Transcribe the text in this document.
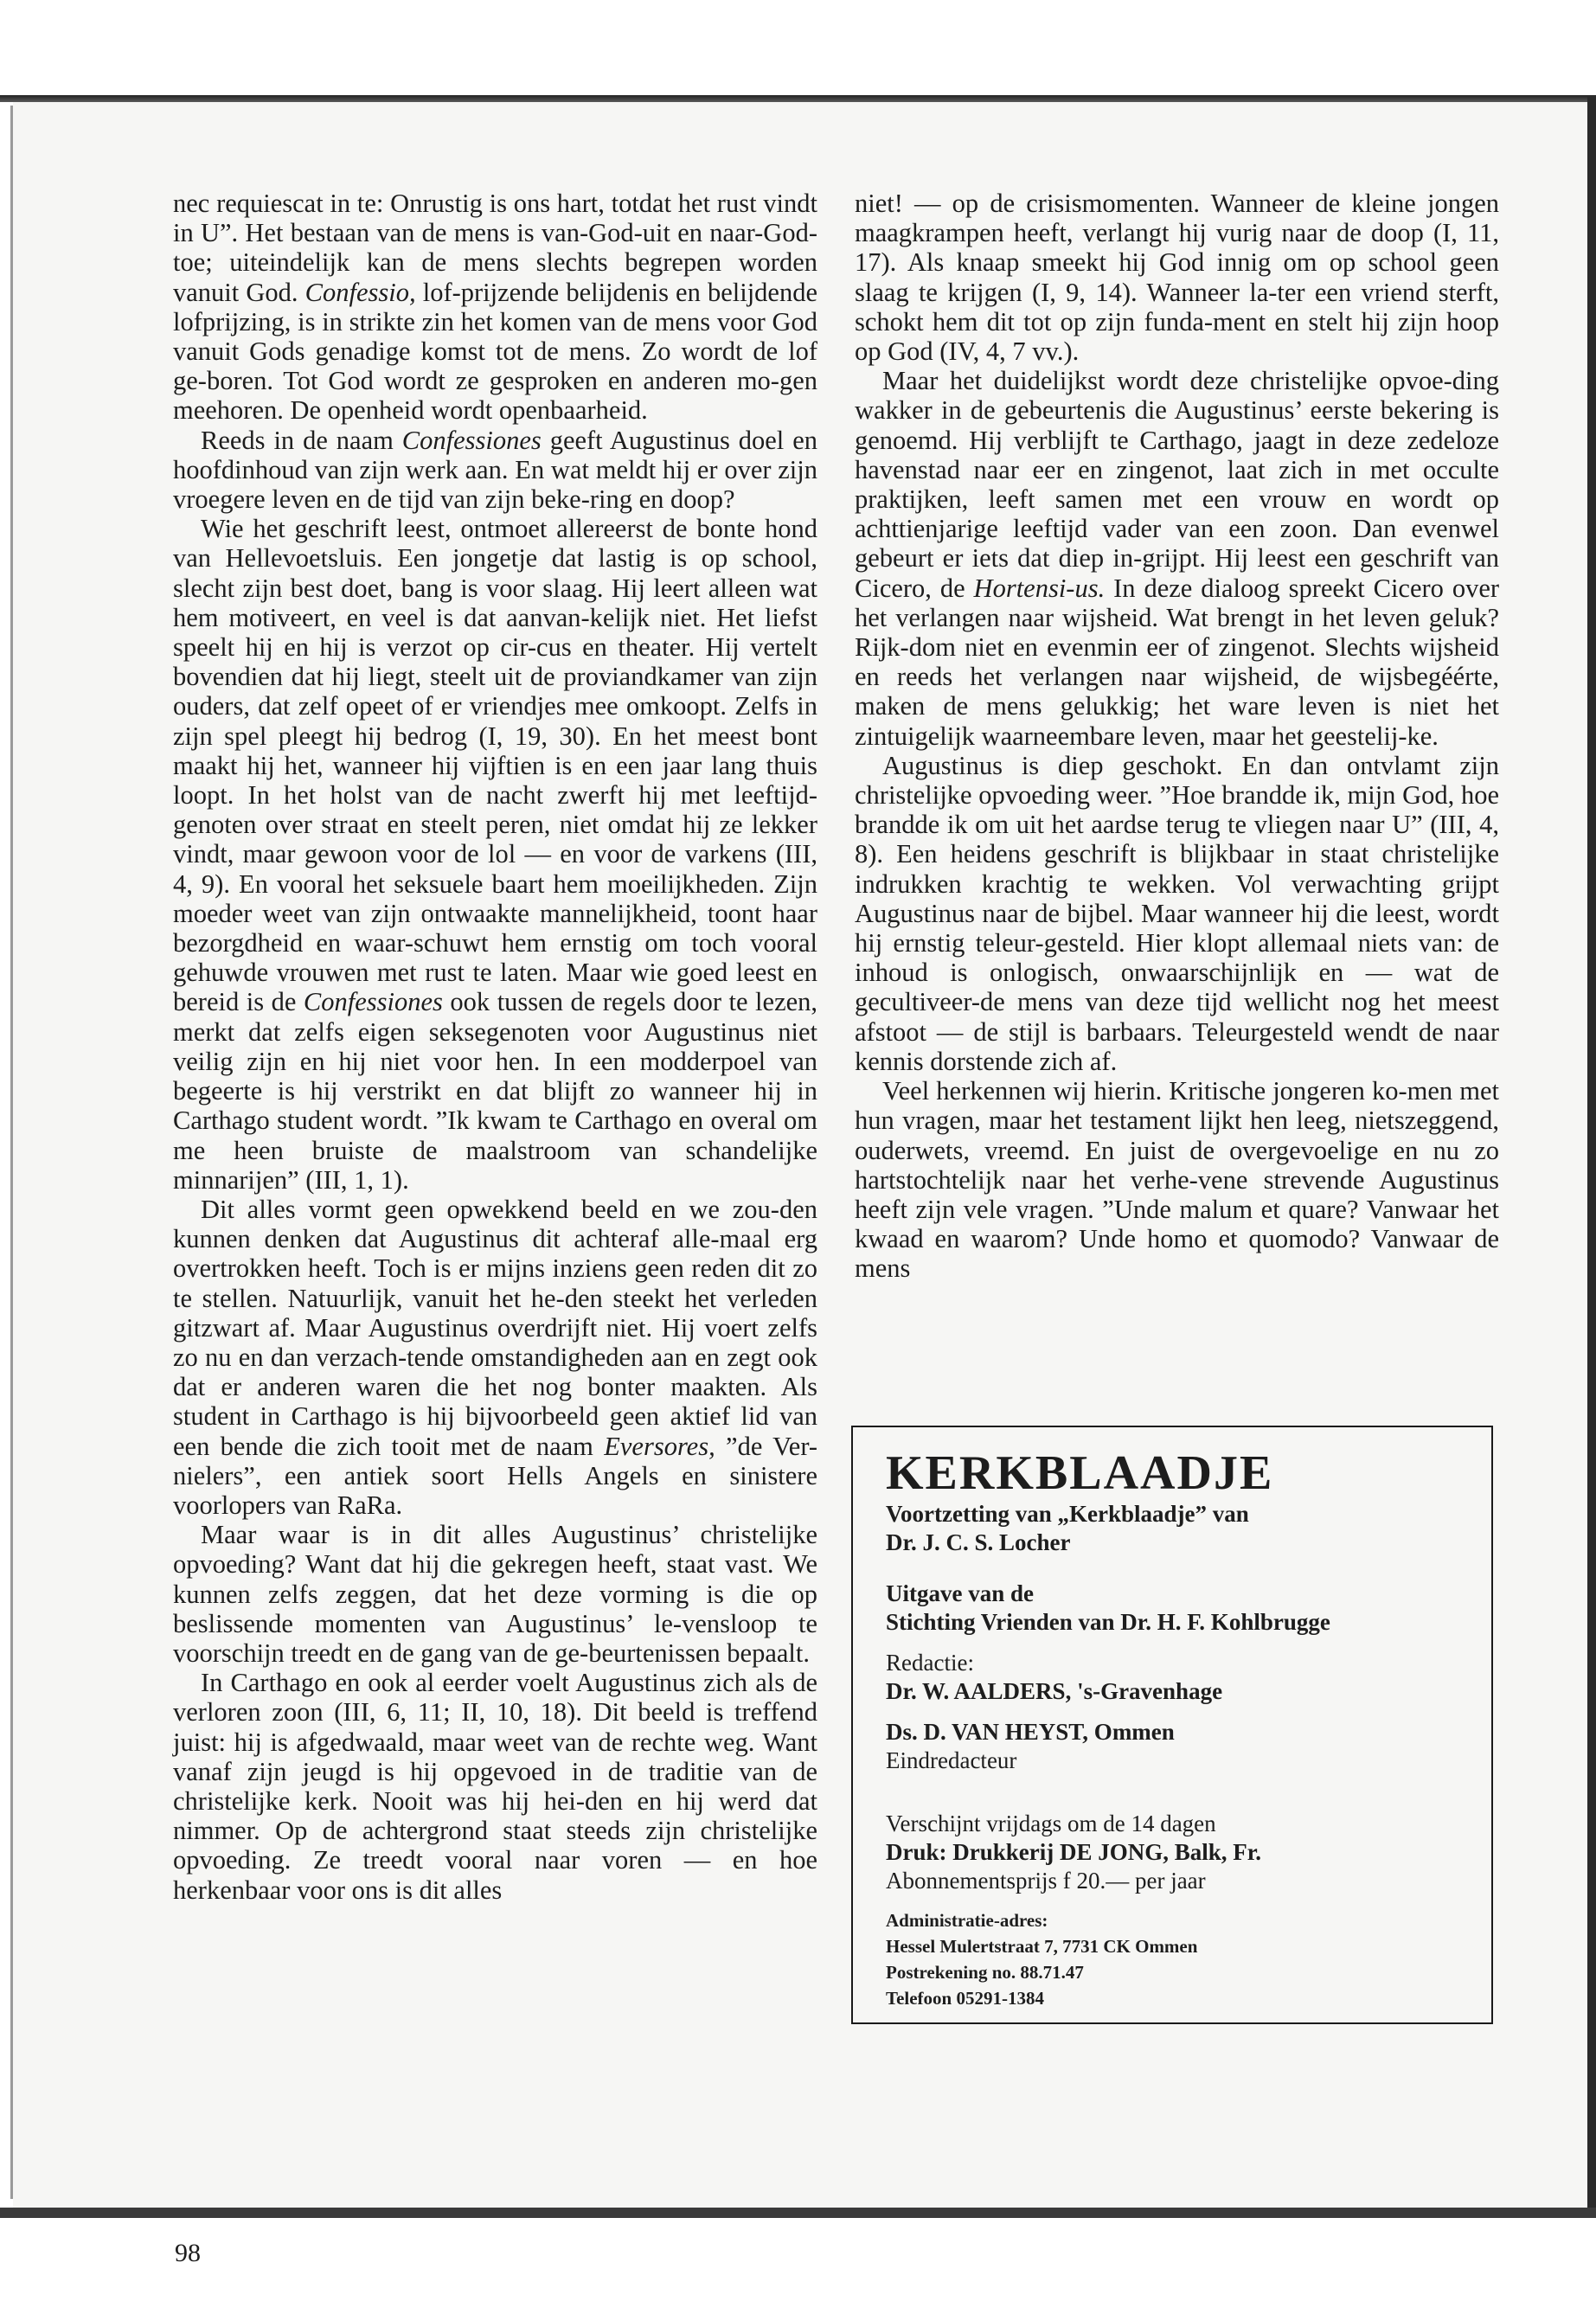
nec requiescat in te: Onrustig is ons hart, totdat het rust vindt in U”. Het bestaan van de mens is van-God-uit en naar-God-toe; uiteindelijk kan de mens slechts begrepen worden vanuit God. Confessio, lof-prijzende belijdenis en belijdende lofprijzing, is in strikte zin het komen van de mens voor God vanuit Gods genadige komst tot de mens. Zo wordt de lof ge-boren. Tot God wordt ze gesproken en anderen mo-gen meehoren. De openheid wordt openbaarheid.

Reeds in de naam Confessiones geeft Augustinus doel en hoofdinhoud van zijn werk aan. En wat meldt hij er over zijn vroegere leven en de tijd van zijn beke-ring en doop?

Wie het geschrift leest, ontmoet allereerst de bonte hond van Hellevoetsluis. Een jongetje dat lastig is op school, slecht zijn best doet, bang is voor slaag. Hij leert alleen wat hem motiveert, en veel is dat aanvan-kelijk niet. Het liefst speelt hij en hij is verzot op cir-cus en theater. Hij vertelt bovendien dat hij liegt, steelt uit de proviandkamer van zijn ouders, dat zelf opeet of er vriendjes mee omkoopt. Zelfs in zijn spel pleegt hij bedrog (I, 19, 30). En het meest bont maakt hij het, wanneer hij vijftien is en een jaar lang thuis loopt. In het holst van de nacht zwerft hij met leeftijd-genoten over straat en steelt peren, niet omdat hij ze lekker vindt, maar gewoon voor de lol — en voor de varkens (III, 4, 9). En vooral het seksuele baart hem moeilijkheden. Zijn moeder weet van zijn ontwaakte mannelijkheid, toont haar bezorgdheid en waar-schuwt hem ernstig om toch vooral gehuwde vrouwen met rust te laten. Maar wie goed leest en bereid is de Confessiones ook tussen de regels door te lezen, merkt dat zelfs eigen seksegenoten voor Augustinus niet veilig zijn en hij niet voor hen. In een modderpoel van begeerte is hij verstrikt en dat blijft zo wanneer hij in Carthago student wordt. ”Ik kwam te Carthago en overal om me heen bruiste de maalstroom van schandelijke minnarijen” (III, 1, 1).

Dit alles vormt geen opwekkend beeld en we zou-den kunnen denken dat Augustinus dit achteraf alle-maal erg overtrokken heeft. Toch is er mijns inziens geen reden dit zo te stellen. Natuurlijk, vanuit het he-den steekt het verleden gitzwart af. Maar Augustinus overdrijft niet. Hij voert zelfs zo nu en dan verzach-tende omstandigheden aan en zegt ook dat er anderen waren die het nog bonter maakten. Als student in Carthago is hij bijvoorbeeld geen aktief lid van een bende die zich tooit met de naam Eversores, ”de Ver-nielers”, een antiek soort Hells Angels en sinistere voorlopers van RaRa.

Maar waar is in dit alles Augustinus’ christelijke opvoeding? Want dat hij die gekregen heeft, staat vast. We kunnen zelfs zeggen, dat het deze vorming is die op beslissende momenten van Augustinus’ le-vensloop te voorschijn treedt en de gang van de ge-beurtenissen bepaalt.

In Carthago en ook al eerder voelt Augustinus zich als de verloren zoon (III, 6, 11; II, 10, 18). Dit beeld is treffend juist: hij is afgedwaald, maar weet van de rechte weg. Want vanaf zijn jeugd is hij opgevoed in de traditie van de christelijke kerk. Nooit was hij hei-den en hij werd dat nimmer. Op de achtergrond staat steeds zijn christelijke opvoeding. Ze treedt vooral naar voren — en hoe herkenbaar voor ons is dit alles

niet! — op de crisismomenten. Wanneer de kleine jongen maagkrampen heeft, verlangt hij vurig naar de doop (I, 11, 17). Als knaap smeekt hij God innig om op school geen slaag te krijgen (I, 9, 14). Wanneer la-ter een vriend sterft, schokt hem dit tot op zijn funda-ment en stelt hij zijn hoop op God (IV, 4, 7 vv.).

Maar het duidelijkst wordt deze christelijke opvoe-ding wakker in de gebeurtenis die Augustinus’ eerste bekering is genoemd. Hij verblijft te Carthago, jaagt in deze zedeloze havenstad naar eer en zingenot, laat zich in met occulte praktijken, leeft samen met een vrouw en wordt op achttienjarige leeftijd vader van een zoon. Dan evenwel gebeurt er iets dat diep in-grijpt. Hij leest een geschrift van Cicero, de Hortensi-us. In deze dialoog spreekt Cicero over het verlangen naar wijsheid. Wat brengt in het leven geluk? Rijk-dom niet en evenmin eer of zingenot. Slechts wijsheid en reeds het verlangen naar wijsheid, de wijsbegéérte, maken de mens gelukkig; het ware leven is niet het zintuigelijk waarneembare leven, maar het geestelij-ke.

Augustinus is diep geschokt. En dan ontvlamt zijn christelijke opvoeding weer. ”Hoe brandde ik, mijn God, hoe brandde ik om uit het aardse terug te vliegen naar U” (III, 4, 8). Een heidens geschrift is blijkbaar in staat christelijke indrukken krachtig te wekken. Vol verwachting grijpt Augustinus naar de bijbel. Maar wanneer hij die leest, wordt hij ernstig teleur-gesteld. Hier klopt allemaal niets van: de inhoud is onlogisch, onwaarschijnlijk en — wat de gecultiveer-de mens van deze tijd wellicht nog het meest afstoot — de stijl is barbaars. Teleurgesteld wendt de naar kennis dorstende zich af.

Veel herkennen wij hierin. Kritische jongeren ko-men met hun vragen, maar het testament lijkt hen leeg, nietszeggend, ouderwets, vreemd. En juist de overgevoelige en nu zo hartstochtelijk naar het verhe-vene strevende Augustinus heeft zijn vele vragen. ”Unde malum et quare? Vanwaar het kwaad en waarom? Unde homo et quomodo? Vanwaar de mens

KERKBLAADJE

Voortzetting van „Kerkblaadje” van

Dr. J. C. S. Locher

Uitgave van de

Stichting Vrienden van Dr. H. F. Kohlbrugge

Redactie:

Dr. W. AALDERS, 's-Gravenhage

Ds. D. VAN HEYST, Ommen

Eindredacteur

Verschijnt vrijdags om de 14 dagen

Druk: Drukkerij DE JONG, Balk, Fr.

Abonnementsprijs f 20.— per jaar

Administratie-adres:

Hessel Mulertstraat 7, 7731 CK Ommen

Postrekening no. 88.71.47

Telefoon 05291-1384

98
